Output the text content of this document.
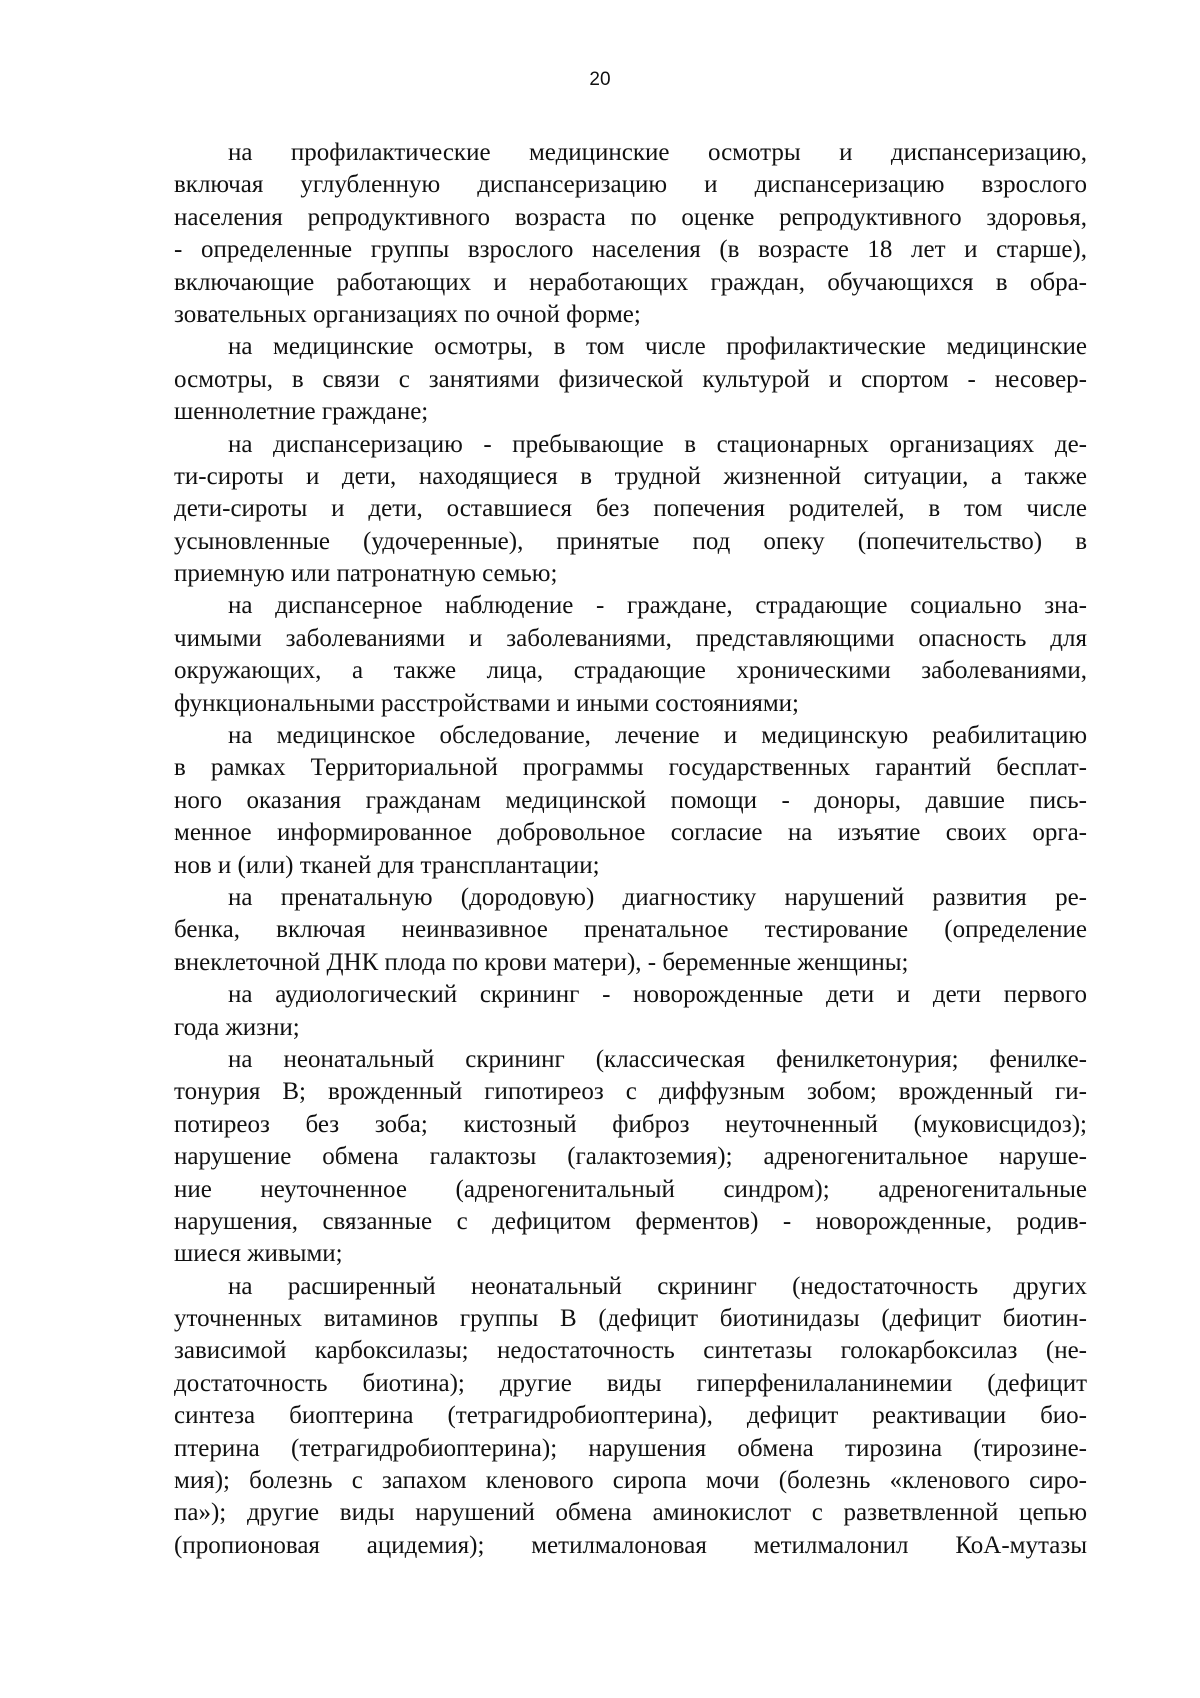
20
на профилактические медицинские осмотры и диспансеризацию,
включая углубленную диспансеризацию и диспансеризацию взрослого
населения репродуктивного возраста по оценке репродуктивного здоровья,
- определенные группы взрослого населения (в возрасте 18 лет и старше),
включающие работающих и неработающих граждан, обучающихся в обра-
зовательных организациях по очной форме;
на медицинские осмотры, в том числе профилактические медицинские
осмотры, в связи с занятиями физической культурой и спортом - несовер-
шеннолетние граждане;
на диспансеризацию - пребывающие в стационарных организациях де-
ти-сироты и дети, находящиеся в трудной жизненной ситуации, а также
дети-сироты и дети, оставшиеся без попечения родителей, в том числе
усыновленные (удочеренные), принятые под опеку (попечительство) в
приемную или патронатную семью;
на диспансерное наблюдение - граждане, страдающие социально зна-
чимыми заболеваниями и заболеваниями, представляющими опасность для
окружающих, а также лица, страдающие хроническими заболеваниями,
функциональными расстройствами и иными состояниями;
на медицинское обследование, лечение и медицинскую реабилитацию
в рамках Территориальной программы государственных гарантий бесплат-
ного оказания гражданам медицинской помощи - доноры, давшие пись-
менное информированное добровольное согласие на изъятие своих орга-
нов и (или) тканей для трансплантации;
на пренатальную (дородовую) диагностику нарушений развития ре-
бенка, включая неинвазивное пренатальное тестирование (определение
внеклеточной ДНК плода по крови матери), - беременные женщины;
на аудиологический скрининг - новорожденные дети и дети первого
года жизни;
на неонатальный скрининг (классическая фенилкетонурия; фенилке-
тонурия В; врожденный гипотиреоз с диффузным зобом; врожденный ги-
потиреоз без зоба; кистозный фиброз неуточненный (муковисцидоз);
нарушение обмена галактозы (галактоземия); адреногенитальное наруше-
ние неуточненное (адреногенитальный синдром); адреногенитальные
нарушения, связанные с дефицитом ферментов) - новорожденные, родив-
шиеся живыми;
на расширенный неонатальный скрининг (недостаточность других
уточненных витаминов группы В (дефицит биотинидазы (дефицит биотин-
зависимой карбоксилазы; недостаточность синтетазы голокарбоксилаз (не-
достаточность биотина); другие виды гиперфенилаланинемии (дефицит
синтеза биоптерина (тетрагидробиоптерина), дефицит реактивации био-
птерина (тетрагидробиоптерина); нарушения обмена тирозина (тирозине-
мия); болезнь с запахом кленового сиропа мочи (болезнь «кленового сиро-
па»); другие виды нарушений обмена аминокислот с разветвленной цепью
(пропионовая ацидемия); метилмалоновая метилмалонил КоА-мутазы
